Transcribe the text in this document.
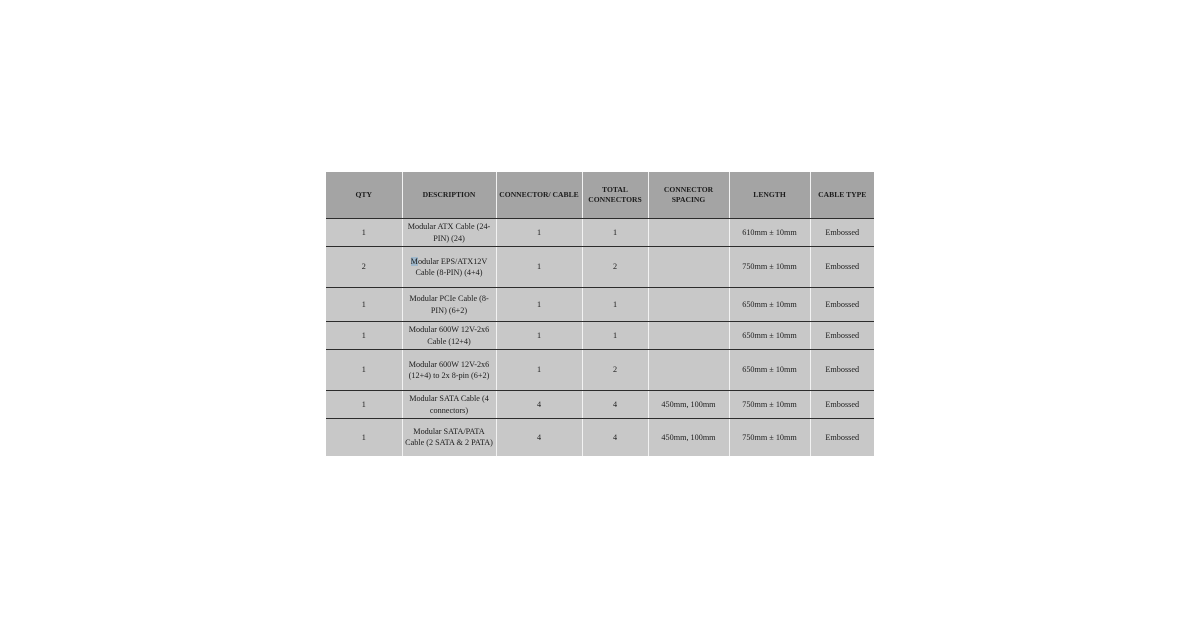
QTY	DESCRIPTION	CONNECTOR/ CABLE	TOTAL CONNECTORS	CONNECTOR SPACING	LENGTH	CABLE TYPE
1	Modular ATX Cable (24-PIN) (24)	1	1		610mm ± 10mm	Embossed
2	Modular EPS/ATX12V Cable (8-PIN) (4+4)	1	2		750mm ± 10mm	Embossed
1	Modular PCIe Cable (8-PIN) (6+2)	1	1		650mm ± 10mm	Embossed
1	Modular 600W 12V-2x6 Cable (12+4)	1	1		650mm ± 10mm	Embossed
1	Modular 600W 12V-2x6 (12+4) to 2x 8-pin (6+2)	1	2		650mm ± 10mm	Embossed
1	Modular SATA Cable (4 connectors)	4	4	450mm, 100mm	750mm ± 10mm	Embossed
1	Modular SATA/PATA Cable (2 SATA & 2 PATA)	4	4	450mm, 100mm	750mm ± 10mm	Embossed
